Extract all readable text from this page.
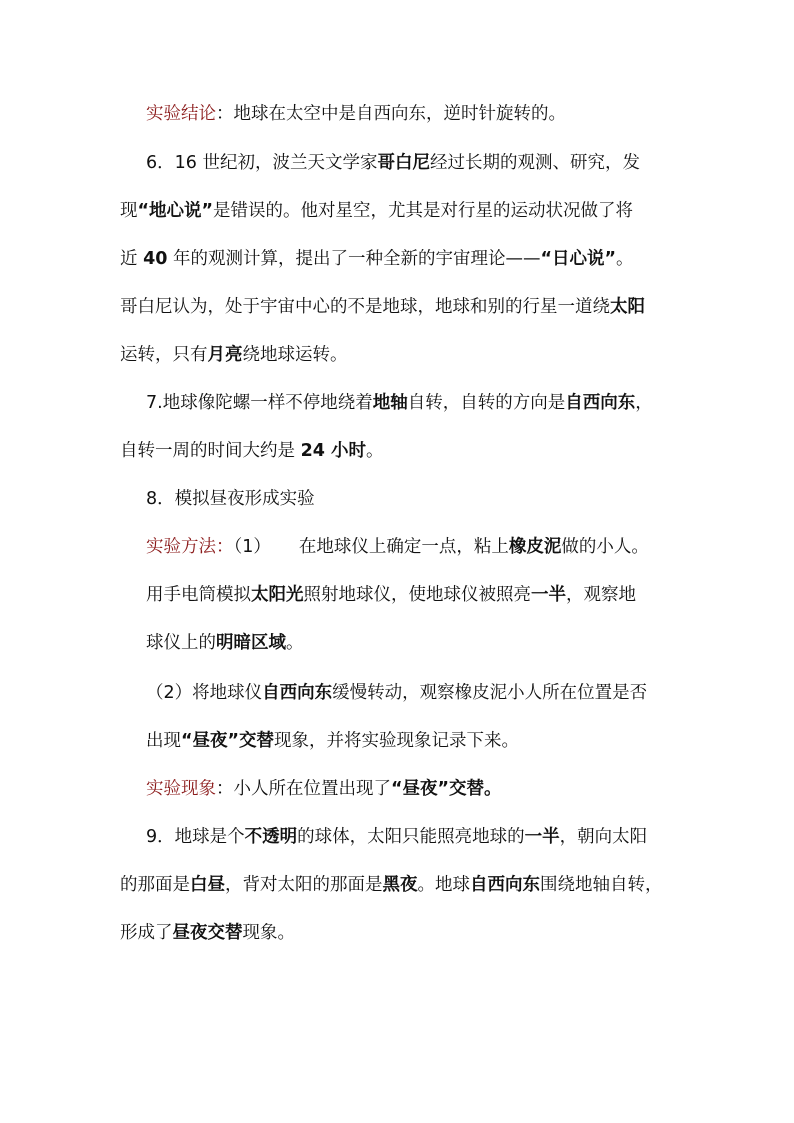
实验结论：地球在太空中是自西向东，逆时针旋转的。
6．16 世纪初，波兰天文学家哥白尼经过长期的观测、研究，发
现“地心说”是错误的。他对星空，尤其是对行星的运动状况做了将
近 40 年的观测计算，提出了一种全新的宇宙理论——“日心说”。
哥白尼认为，处于宇宙中心的不是地球，地球和别的行星一道绕太阳
运转，只有月亮绕地球运转。
7.地球像陀螺一样不停地绕着地轴自转，自转的方向是自西向东，
自转一周的时间大约是 24 小时。
8．模拟昼夜形成实验
实验方法：（1） 在地球仪上确定一点，粘上橡皮泥做的小人。
用手电筒模拟太阳光照射地球仪，使地球仪被照亮一半，观察地
球仪上的明暗区域。
（2）将地球仪自西向东缓慢转动，观察橡皮泥小人所在位置是否
出现“昼夜”交替现象，并将实验现象记录下来。
实验现象：小人所在位置出现了“昼夜”交替。
9．地球是个不透明的球体，太阳只能照亮地球的一半，朝向太阳
的那面是白昼，背对太阳的那面是黑夜。地球自西向东围绕地轴自转，
形成了昼夜交替现象。
